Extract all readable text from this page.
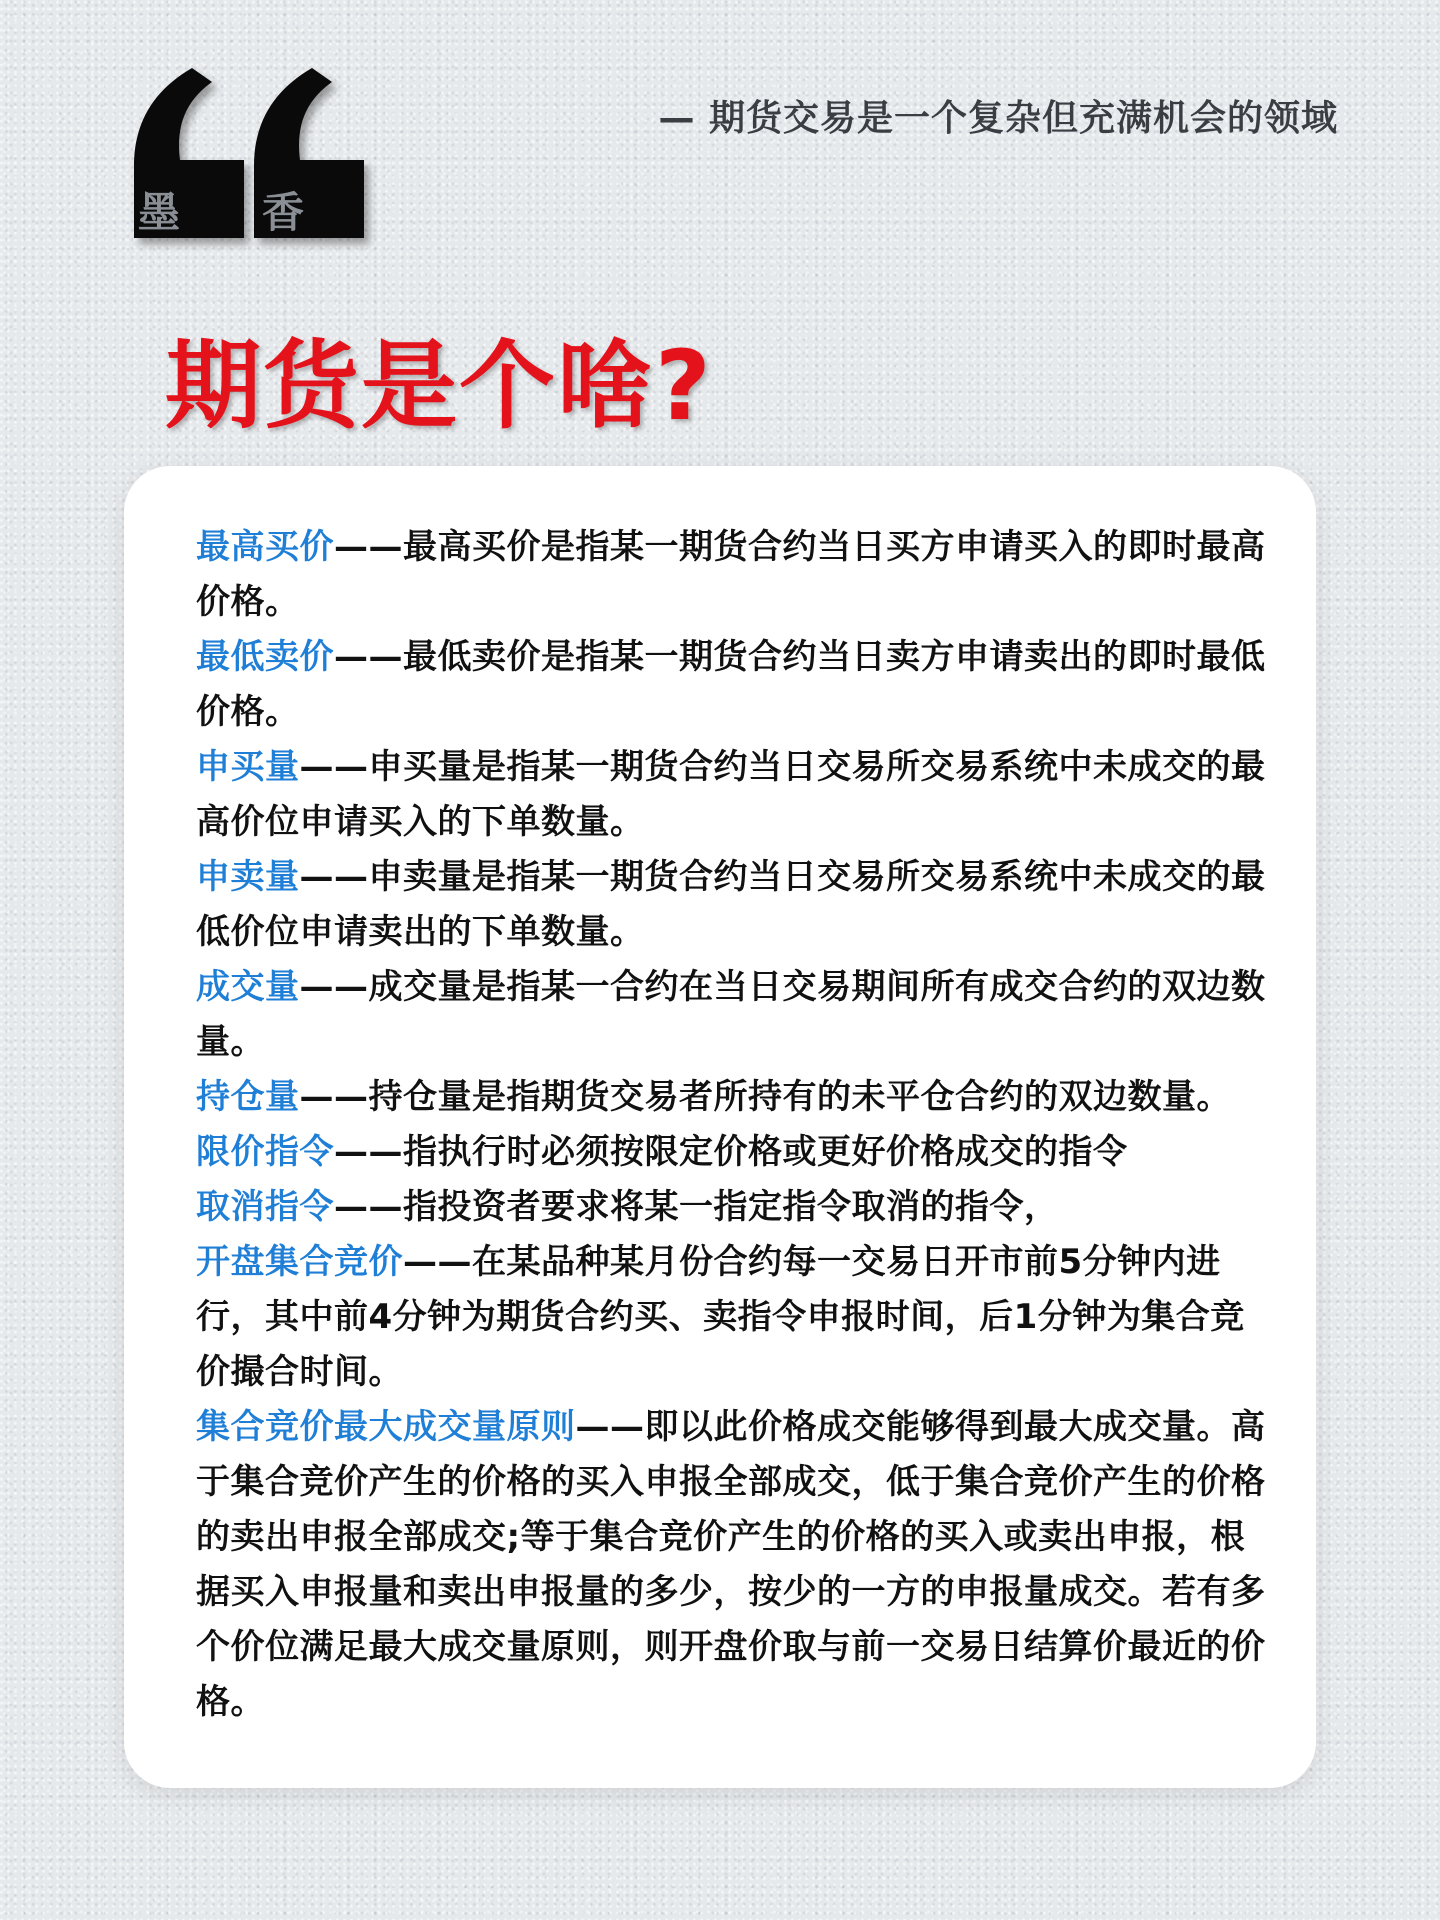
墨 香
— 期货交易是一个复杂但充满机会的领域
期货是个啥?

最高买价——最高买价是指某一期货合约当日买方申请买入的即时最高价格。

最低卖价——最低卖价是指某一期货合约当日卖方申请卖出的即时最低价格。

申买量——申买量是指某一期货合约当日交易所交易系统中未成交的最高价位申请买入的下单数量。

申卖量——申卖量是指某一期货合约当日交易所交易系统中未成交的最低价位申请卖出的下单数量。

成交量——成交量是指某一合约在当日交易期间所有成交合约的双边数量。

持仓量——持仓量是指期货交易者所持有的未平仓合约的双边数量。

限价指令——指执行时必须按限定价格或更好价格成交的指令

取消指令——指投资者要求将某一指定指令取消的指令，

开盘集合竞价——在某品种某月份合约每一交易日开市前5分钟内进行，其中前4分钟为期货合约买、卖指令申报时间，后1分钟为集合竞价撮合时间。

集合竞价最大成交量原则——即以此价格成交能够得到最大成交量。高于集合竞价产生的价格的买入申报全部成交，低于集合竞价产生的价格的卖出申报全部成交;等于集合竞价产生的价格的买入或卖出申报，根据买入申报量和卖出申报量的多少，按少的一方的申报量成交。若有多个价位满足最大成交量原则，则开盘价取与前一交易日结算价最近的价格。
